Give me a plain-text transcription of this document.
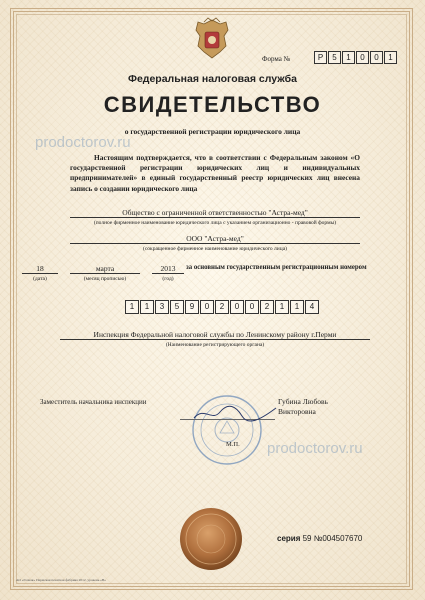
Форма №	Р	5	1	0	0	1
Федеральная налоговая служба
СВИДЕТЕЛЬСТВО
о государственной регистрации юридического лица
prodoctorov.ru
Настоящим подтверждается, что в соответствии с Федеральным законом «О государственной регистрации юридических лиц и индивидуальных предпринимателей» в единый государственный реестр юридических лиц внесена запись о создании юридического лица
Общество с ограниченной ответственностью "Астра-мед"
(полное фирменное наименование юридического лица с указанием организационно - правовой формы)
ООО "Астра-мед"
(сокращенное фирменное наименование юридического лица)
18
(дата)
марта
(месяц прописью)
2013
(год)
за основным государственным регистрационным номером
1	1	3	5	9	0	2	0	0	2	1	1	4
Инспекция Федеральной налоговой службы по Ленинскому району г.Перми
(Наименование регистрирующего органа)
Заместитель начальника инспекции	Губина Любовь
Викторовна
М.П. prodoctorov.ru
серия 59 №004507670
АО «Гознак» Пермская печатная фабрика 2012, уровень «В»
